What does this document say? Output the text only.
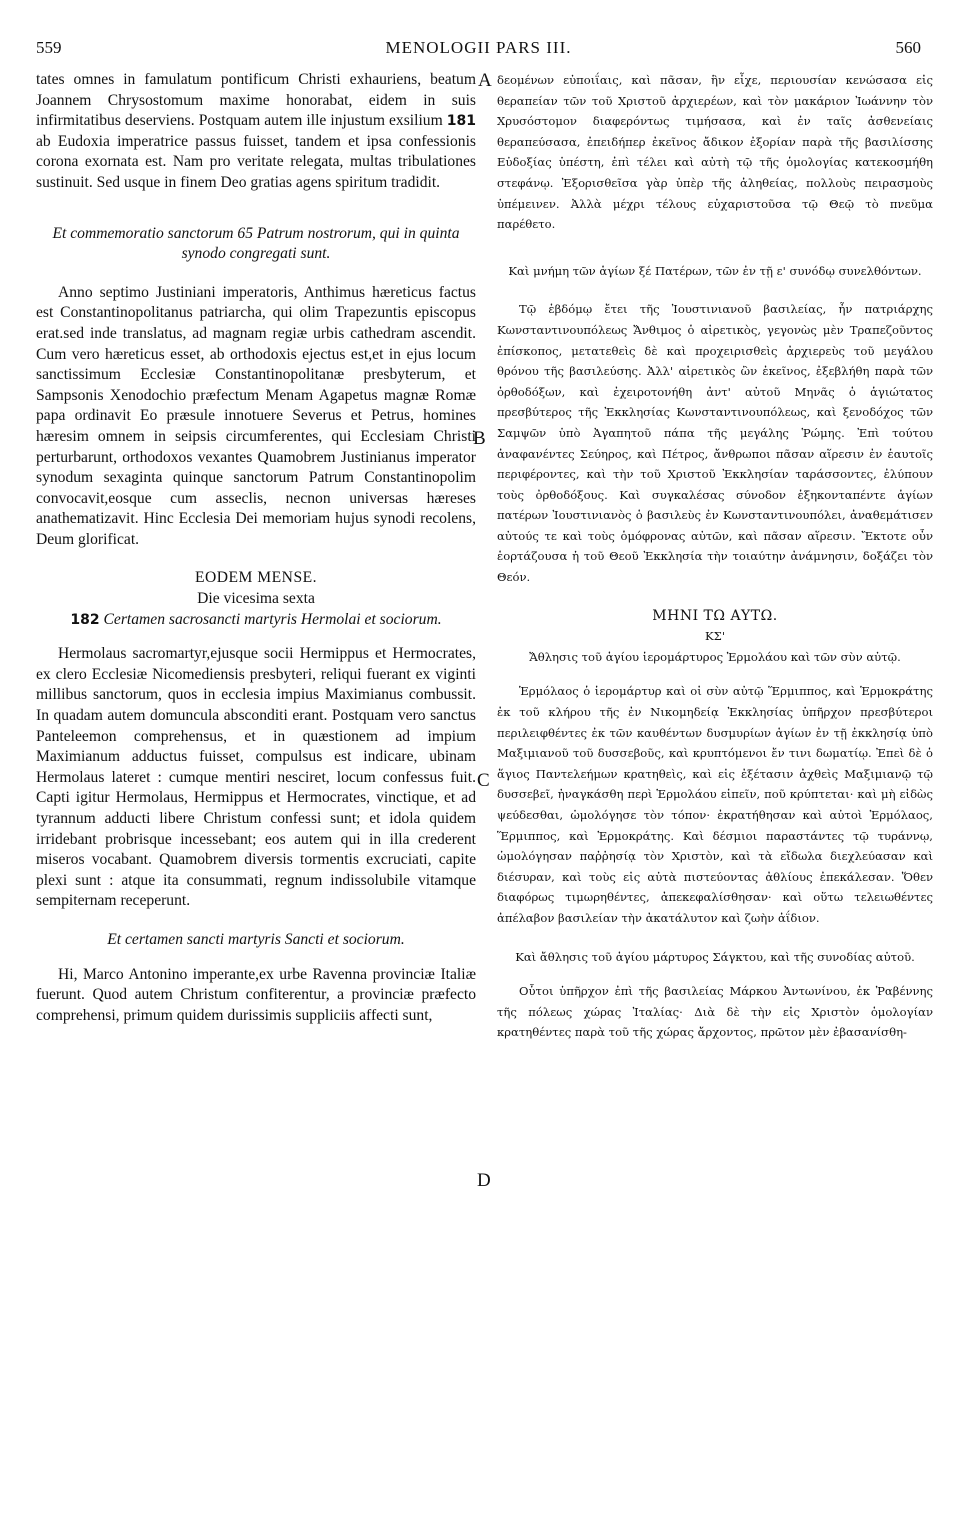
559	MENOLOGII PARS III.	560
A
B
C
D

tates omnes in famulatum pontificum Christi exhauriens, beatum Joannem Chrysostomum maxime honorabat, eidem in suis infirmitatibus deserviens. Postquam autem ille injustum exsilium 181 ab Eudoxia imperatrice passus fuisset, tandem et ipsa confessionis corona exornata est. Nam pro veritate relegata, multas tribulationes sustinuit. Sed usque in finem Deo gratias agens spiritum tradidit.

Et commemoratio sanctorum 65 Patrum nostrorum, qui in quinta synodo congregati sunt.

Anno septimo Justiniani imperatoris, Anthimus hæreticus factus est Constantinopolitanus patriarcha, qui olim Trapezuntis episcopus erat.sed inde translatus, ad magnam regiæ urbis cathedram ascendit. Cum vero hæreticus esset, ab orthodoxis ejectus est,et in ejus locum sanctissimum Ecclesiæ Constantinopolitanæ presbyterum, et Sampsonis Xenodochio præfectum Menam Agapetus magnæ Romæ papa ordinavit Eo præsule innotuere Severus et Petrus, homines hæresim omnem in seipsis circumferentes, qui Ecclesiam Christi perturbarunt, orthodoxos vexantes Quamobrem Justinianus imperator synodum sexaginta quinque sanctorum Patrum Constantinopolim convocavit,eosque cum asseclis, necnon universas hæreses anathematizavit. Hinc Ecclesia Dei memoriam hujus synodi recolens, Deum glorificat.

EODEM MENSE.

Die vicesima sexta

182 Certamen sacrosancti martyris Hermolai et sociorum.

Hermolaus sacromartyr,ejusque socii Hermippus et Hermocrates, ex clero Ecclesiæ Nicomediensis presbyteri, reliqui fuerant ex viginti millibus sanctorum, quos in ecclesia impius Maximianus combussit. In quadam autem domuncula absconditi erant. Postquam vero sanctus Panteleemon comprehensus, et in quæstionem ad impium Maximianum adductus fuisset, compulsus est indicare, ubinam Hermolaus lateret : cumque mentiri nesciret, locum confessus fuit. Capti igitur Hermolaus, Hermippus et Hermocrates, vinctique, et ad tyrannum adducti libere Christum confessi sunt; et idola quidem irridebant probrisque incessebant; eos autem qui in illa crederent miseros vocabant. Quamobrem diversis tormentis excruciati, capite plexi sunt : atque ita consummati, regnum indissolubile vitamque sempiternam receperunt.

Et certamen sancti martyris Sancti et sociorum.

Hi, Marco Antonino imperante,ex urbe Ravenna provinciæ Italiæ fuerunt. Quod autem Christum confiterentur, a provinciæ præfecto comprehensi, primum quidem durissimis suppliciis affecti sunt,

δεομένων εὐποιΐαις, καὶ πᾶσαν, ἣν εἶχε, περιουσίαν κενώσασα εἰς θεραπείαν τῶν τοῦ Χριστοῦ ἀρχιερέων, καὶ τὸν μακάριον Ἰωάννην τὸν Χρυσόστομον διαφερόντως τιμήσασα, καὶ ἐν ταῖς ἀσθενείαις θεραπεύσασα, ἐπειδήπερ ἐκεῖνος ἄδικον ἐξορίαν παρὰ τῆς βασιλίσσης Εὐδοξίας ὑπέστη, ἐπὶ τέλει καὶ αὐτὴ τῷ τῆς ὁμολογίας κατεκοσμήθη στεφάνῳ. Ἐξορισθεῖσα γὰρ ὑπὲρ τῆς ἀληθείας, πολλοὺς πειρασμοὺς ὑπέμεινεν. Ἀλλὰ μέχρι τέλους εὐχαριστοῦσα τῷ Θεῷ τὸ πνεῦμα παρέθετο.

Καὶ μνήμη τῶν ἁγίων ξέ Πατέρων, τῶν ἐν τῇ ε' συνόδῳ συνελθόντων.

Τῷ ἑβδόμῳ ἔτει τῆς Ἰουστινιανοῦ βασιλείας, ἦν πατριάρχης Κωνσταντινουπόλεως Ἄνθιμος ὁ αἱρετικὸς, γεγονὼς μὲν Τραπεζοῦντος ἐπίσκοπος, μετατεθεὶς δὲ καὶ προχειρισθεὶς ἀρχιερεὺς τοῦ μεγάλου θρόνου τῆς βασιλεύσης. Ἀλλ' αἱρετικὸς ὢν ἐκεῖνος, ἐξεβλήθη παρὰ τῶν ὀρθοδόξων, καὶ ἐχειροτονήθη ἀντ' αὐτοῦ Μηνᾶς ὁ ἁγιώτατος πρεσβύτερος τῆς Ἐκκλησίας Κωνσταντινουπόλεως, καὶ ξενοδόχος τῶν Σαμψῶν ὑπὸ Ἀγαπητοῦ πάπα τῆς μεγάλης Ῥώμης. Ἐπὶ τούτου ἀναφανέντες Σεύηρος, καὶ Πέτρος, ἄνθρωποι πᾶσαν αἵρεσιν ἐν ἑαυτοῖς περιφέροντες, καὶ τὴν τοῦ Χριστοῦ Ἐκκλησίαν ταράσσοντες, ἐλύπουν τοὺς ὀρθοδόξους. Καὶ συγκαλέσας σύνοδον ἑξηκονταπέντε ἁγίων πατέρων Ἰουστινιανὸς ὁ βασιλεὺς ἐν Κωνσταντινουπόλει, ἀναθεμάτισεν αὐτούς τε καὶ τοὺς ὁμόφρονας αὐτῶν, καὶ πᾶσαν αἵρεσιν. Ἔκτοτε οὖν ἑορτάζουσα ἡ τοῦ Θεοῦ Ἐκκλησία τὴν τοιαύτην ἀνάμνησιν, δοξάζει τὸν Θεόν.

ΜΗΝΙ ΤΩ ΑΥΤΩ.

ΚΣ'

Ἄθλησις τοῦ ἁγίου ἱερομάρτυρος Ἑρμολάου καὶ τῶν σὺν αὐτῷ.

Ἑρμόλαος ὁ ἱερομάρτυρ καὶ οἱ σὺν αὐτῷ Ἕρμιππος, καὶ Ἑρμοκράτης ἐκ τοῦ κλήρου τῆς ἐν Νικομηδείᾳ Ἐκκλησίας ὑπῆρχον πρεσβύτεροι περιλειφθέντες ἐκ τῶν καυθέντων δυσμυρίων ἁγίων ἐν τῇ ἐκκλησίᾳ ὑπὸ Μαξιμιανοῦ τοῦ δυσσεβοῦς, καὶ κρυπτόμενοι ἔν τινι δωματίῳ. Ἐπεὶ δὲ ὁ ἅγιος Παντελεήμων κρατηθεὶς, καὶ εἰς ἐξέτασιν ἀχθεὶς Μαξιμιανῷ τῷ δυσσεβεῖ, ἠναγκάσθη περὶ Ἑρμολάου εἰπεῖν, ποῦ κρύπτεται· καὶ μὴ εἰδὼς ψεύδεσθαι, ὡμολόγησε τὸν τόπον· ἐκρατήθησαν καὶ αὐτοὶ Ἑρμόλαος, Ἕρμιππος, καὶ Ἑρμοκράτης. Καὶ δέσμιοι παραστάντες τῷ τυράννῳ, ὡμολόγησαν παῤῥησίᾳ τὸν Χριστὸν, καὶ τὰ εἴδωλα διεχλεύασαν καὶ διέσυραν, καὶ τοὺς εἰς αὐτὰ πιστεύοντας ἀθλίους ἐπεκάλεσαν. Ὅθεν διαφόρως τιμωρηθέντες, ἀπεκεφαλίσθησαν· καὶ οὕτω τελειωθέντες ἀπέλαβον βασιλείαν τὴν ἀκατάλυτον καὶ ζωὴν ἀΐδιον.

Καὶ ἄθλησις τοῦ ἁγίου μάρτυρος Σάγκτου, καὶ τῆς συνοδίας αὐτοῦ.

Οὗτοι ὑπῆρχον ἐπὶ τῆς βασιλείας Μάρκου Ἀντωνίνου, ἐκ Ῥαβέννης τῆς πόλεως χώρας Ἰταλίας· Διὰ δὲ τὴν εἰς Χριστὸν ὁμολογίαν κρατηθέντες παρὰ τοῦ τῆς χώρας ἄρχοντος, πρῶτον μὲν ἐβασανίσθη-
